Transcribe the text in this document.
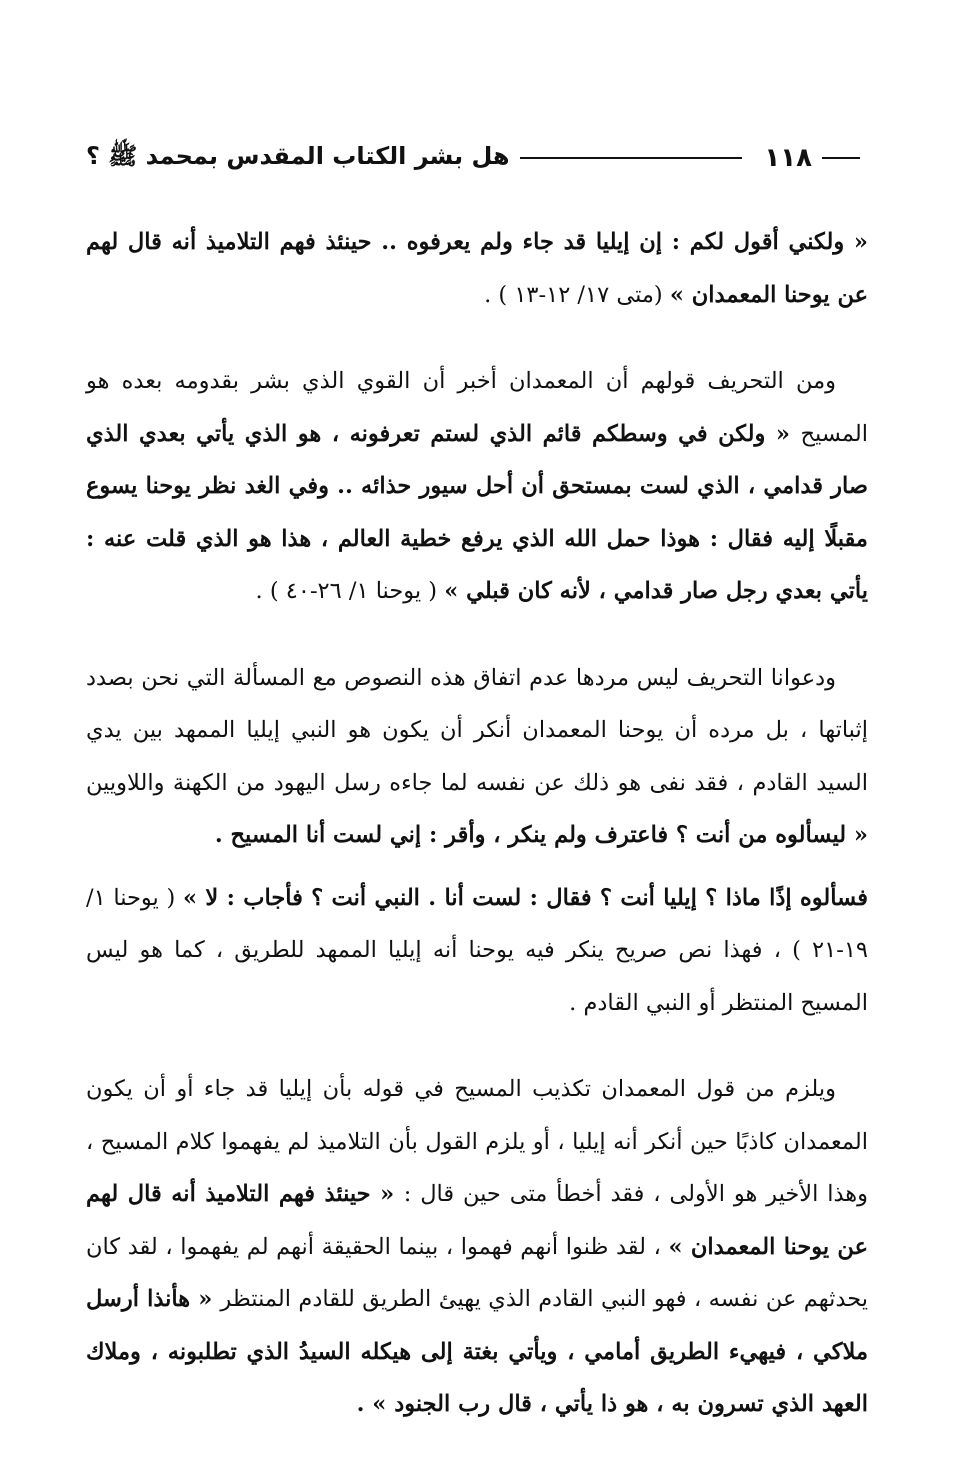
١١٨
هل بشر الكتاب المقدس بمحمد ﷺ ؟

« ولكني أقول لكم : إن إيليا قد جاء ولم يعرفوه .. حينئذ فهم التلاميذ أنه قال لهم عن يوحنا المعمدان » (متى ١٧/ ١٢-١٣ ) .

ومن التحريف قولهم أن المعمدان أخبر أن القوي الذي بشر بقدومه بعده هو المسيح « ولكن في وسطكم قائم الذي لستم تعرفونه ، هو الذي يأتي بعدي الذي صار قدامي ، الذي لست بمستحق أن أحل سيور حذائه .. وفي الغد نظر يوحنا يسوع مقبلًا إليه فقال : هوذا حمل الله الذي يرفع خطية العالم ، هذا هو الذي قلت عنه : يأتي بعدي رجل صار قدامي ، لأنه كان قبلي » ( يوحنا ١/ ٢٦-٤٠ ) .

ودعوانا التحريف ليس مردها عدم اتفاق هذه النصوص مع المسألة التي نحن بصدد إثباتها ، بل مرده أن يوحنا المعمدان أنكر أن يكون هو النبي إيليا الممهد بين يدي السيد القادم ، فقد نفى هو ذلك عن نفسه لما جاءه رسل اليهود من الكهنة واللاويين « ليسألوه من أنت ؟ فاعترف ولم ينكر ، وأقر : إني لست أنا المسيح .

فسألوه إذًا ماذا ؟ إيليا أنت ؟ فقال : لست أنا . النبي أنت ؟ فأجاب : لا » ( يوحنا ١/ ١٩-٢١ ) ، فهذا نص صريح ينكر فيه يوحنا أنه إيليا الممهد للطريق ، كما هو ليس المسيح المنتظر أو النبي القادم .

ويلزم من قول المعمدان تكذيب المسيح في قوله بأن إيليا قد جاء أو أن يكون المعمدان كاذبًا حين أنكر أنه إيليا ، أو يلزم القول بأن التلاميذ لم يفهموا كلام المسيح ، وهذا الأخير هو الأولى ، فقد أخطأ متى حين قال : « حينئذ فهم التلاميذ أنه قال لهم عن يوحنا المعمدان » ، لقد ظنوا أنهم فهموا ، بينما الحقيقة أنهم لم يفهموا ، لقد كان يحدثهم عن نفسه ، فهو النبي القادم الذي يهيئ الطريق للقادم المنتظر « هأنذا أرسل ملاكي ، فيهيء الطريق أمامي ، ويأتي بغتة إلى هيكله السيدُ الذي تطلبونه ، وملاك العهد الذي تسرون به ، هو ذا يأتي ، قال رب الجنود » .
